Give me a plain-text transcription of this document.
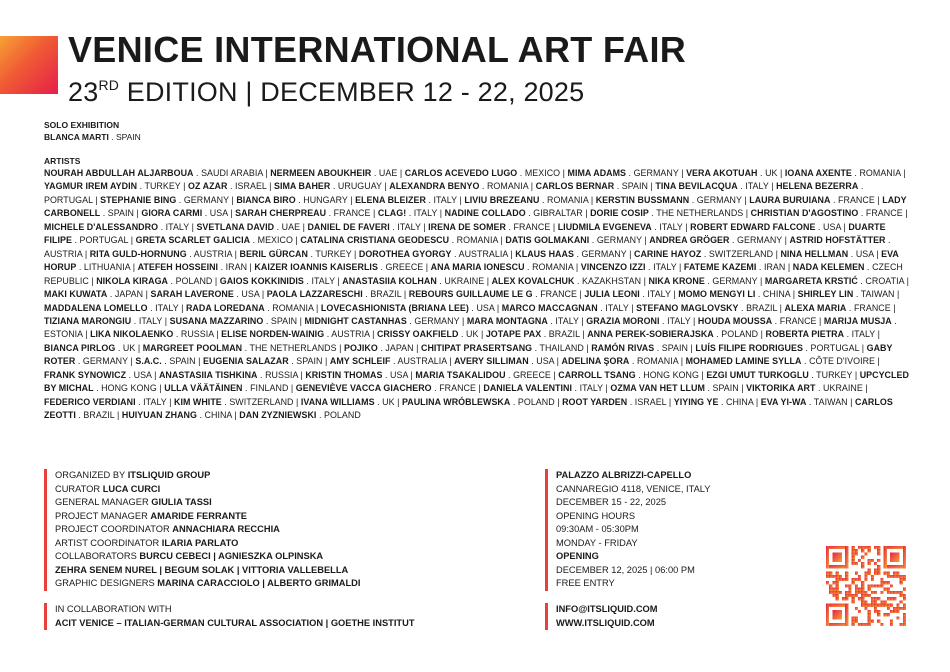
VENICE INTERNATIONAL ART FAIR
23RD EDITION | DECEMBER 12 - 22, 2025
SOLO EXHIBITION
BLANCA MARTI . SPAIN
ARTISTS
NOURAH ABDULLAH ALJARBOUA . SAUDI ARABIA | NERMEEN ABOUKHEIR . UAE | CARLOS ACEVEDO LUGO . MEXICO | MIMA ADAMS . GERMANY | VERA AKOTUAH . UK | IOANA AXENTE . ROMANIA | YAGMUR IREM AYDIN . TURKEY | OZ AZAR . ISRAEL | SIMA BAHER . URUGUAY | ALEXANDRA BENYO . ROMANIA | CARLOS BERNAR . SPAIN | TINA BEVILACQUA . ITALY | HELENA BEZERRA . PORTUGAL | STEPHANIE BING . GERMANY | BIANCA BIRO . HUNGARY | ELENA BLEIZER . ITALY | LIVIU BREZEANU . ROMANIA | KERSTIN BUSSMANN . GERMANY | LAURA BURUIANA . FRANCE | LADY CARBONELL . SPAIN | GIORA CARMI . USA | SARAH CHERPREAU . FRANCE | CLAG! . ITALY | NADINE COLLADO . GIBRALTAR | DORIE COSIP . THE NETHERLANDS | CHRISTIAN D'AGOSTINO . FRANCE | MICHELE D'ALESSANDRO . ITALY | SVETLANA DAVID . UAE | DANIEL DE FAVERI . ITALY | IRENA DE SOMER . FRANCE | LIUDMILA EVGENEVA . ITALY | ROBERT EDWARD FALCONE . USA | DUARTE FILIPE . PORTUGAL | GRETA SCARLET GALICIA . MEXICO | CATALINA CRISTIANA GEODESCU . ROMANIA | DATIS GOLMAKANI . GERMANY | ANDREA GRÖGER . GERMANY | ASTRID HOFSTÄTTER . AUSTRIA | RITA GULD-HORNUNG . AUSTRIA | BERIL GÜRCAN . TURKEY | DOROTHEA GYORGY . AUSTRALIA | KLAUS HAAS . GERMANY | CARINE HAYOZ . SWITZERLAND | NINA HELLMAN . USA | EVA HORUP . LITHUANIA | ATEFEH HOSSEINI . IRAN | KAIZER IOANNIS KAISERLIS . GREECE | ANA MARIA IONESCU . ROMANIA | VINCENZO IZZI . ITALY | FATEME KAZEMI . IRAN | NADA KELEMEN . CZECH REPUBLIC | NIKOLA KIRAGA . POLAND | GAIOS KOKKINIDIS . ITALY | ANASTASIIA KOLHAN . UKRAINE | ALEX KOVALCHUK . KAZAKHSTAN | NIKA KRONE . GERMANY | MARGARETA KRSTIĆ . CROATIA | MAKI KUWATA . JAPAN | SARAH LAVERONE . USA | PAOLA LAZZARESCHI . BRAZIL | REBOURS GUILLAUME LE G . FRANCE | JULIA LEONI . ITALY | MOMO MENGYI LI . CHINA | SHIRLEY LIN . TAIWAN | MADDALENA LOMELLO . ITALY | RADA LOREDANA . ROMANIA | LOVECASHIONISTA (BRIANA LEE) . USA | MARCO MACCAGNAN . ITALY | STEFANO MAGLOVSKY . BRAZIL | ALEXA MARIA . FRANCE | TIZIANA MARONGIU . ITALY | SUSANA MAZZARINO . SPAIN | MIDNIGHT CASTANHAS . GERMANY | MARA MONTAGNA . ITALY | GRAZIA MORONI . ITALY | HOUDA MOUSSA . FRANCE | MARIJA MUSJA . ESTONIA | LIKA NIKOLAENKO . RUSSIA | ELISE NORDEN-WAINIG . AUSTRIA | CRISSY OAKFIELD . UK | JOTAPE PAX . BRAZIL | ANNA PEREK-SOBIERAJSKA . POLAND | ROBERTA PIETRA . ITALY | BIANCA PIRLOG . UK | MARGREET POOLMAN . THE NETHERLANDS | POJIKO . JAPAN | CHITIPAT PRASERTSANG . THAILAND | RAMÓN RIVAS . SPAIN | LUÍS FILIPE RODRIGUES . PORTUGAL | GABY ROTER . GERMANY | S.A.C. . SPAIN | EUGENIA SALAZAR . SPAIN | AMY SCHLEIF . AUSTRALIA | AVERY SILLIMAN . USA | ADELINA ŞORA . ROMANIA | MOHAMED LAMINE SYLLA . CÔTE D'IVOIRE | FRANK SYNOWICZ . USA | ANASTASIIA TISHKINA . RUSSIA | KRISTIN THOMAS . USA | MARIA TSAKALIDOU . GREECE | CARROLL TSANG . HONG KONG | EZGI UMUT TURKOGLU . TURKEY | UPCYCLED BY MICHAL . HONG KONG | ULLA VÄÄTÄINEN . FINLAND | GENEVIÈVE VACCA GIACHERO . FRANCE | DANIELA VALENTINI . ITALY | OZMA VAN HET LLUM . SPAIN | VIKTORIKA ART . UKRAINE | FEDERICO VERDIANI . ITALY | KIM WHITE . SWITZERLAND | IVANA WILLIAMS . UK | PAULINA WRÓBLEWSKA . POLAND | ROOT YARDEN . ISRAEL | YIYING YE . CHINA | EVA YI-WA . TAIWAN | CARLOS ZEOTTI . BRAZIL | HUIYUAN ZHANG . CHINA | DAN ZYZNIEWSKI . POLAND
ORGANIZED BY ITSLIQUID GROUP
CURATOR LUCA CURCI
GENERAL MANAGER GIULIA TASSI
PROJECT MANAGER AMARIDE FERRANTE
PROJECT COORDINATOR ANNACHIARA RECCHIA
ARTIST COORDINATOR ILARIA PARLATO
COLLABORATORS BURCU CEBECI | AGNIESZKA OLPINSKA
ZEHRA SENEM NUREL | BEGUM SOLAK | VITTORIA VALLEBELLA
GRAPHIC DESIGNERS MARINA CARACCIOLO | ALBERTO GRIMALDI
IN COLLABORATION WITH
ACIT VENICE – ITALIAN-GERMAN CULTURAL ASSOCIATION | GOETHE INSTITUT
PALAZZO ALBRIZZI-CAPELLO
CANNAREGIO 4118, VENICE, ITALY
DECEMBER 15 - 22, 2025
OPENING HOURS
09:30AM - 05:30PM
MONDAY - FRIDAY
OPENING
DECEMBER 12, 2025 | 06:00 PM
FREE ENTRY
INFO@ITSLIQUID.COM
WWW.ITSLIQUID.COM
